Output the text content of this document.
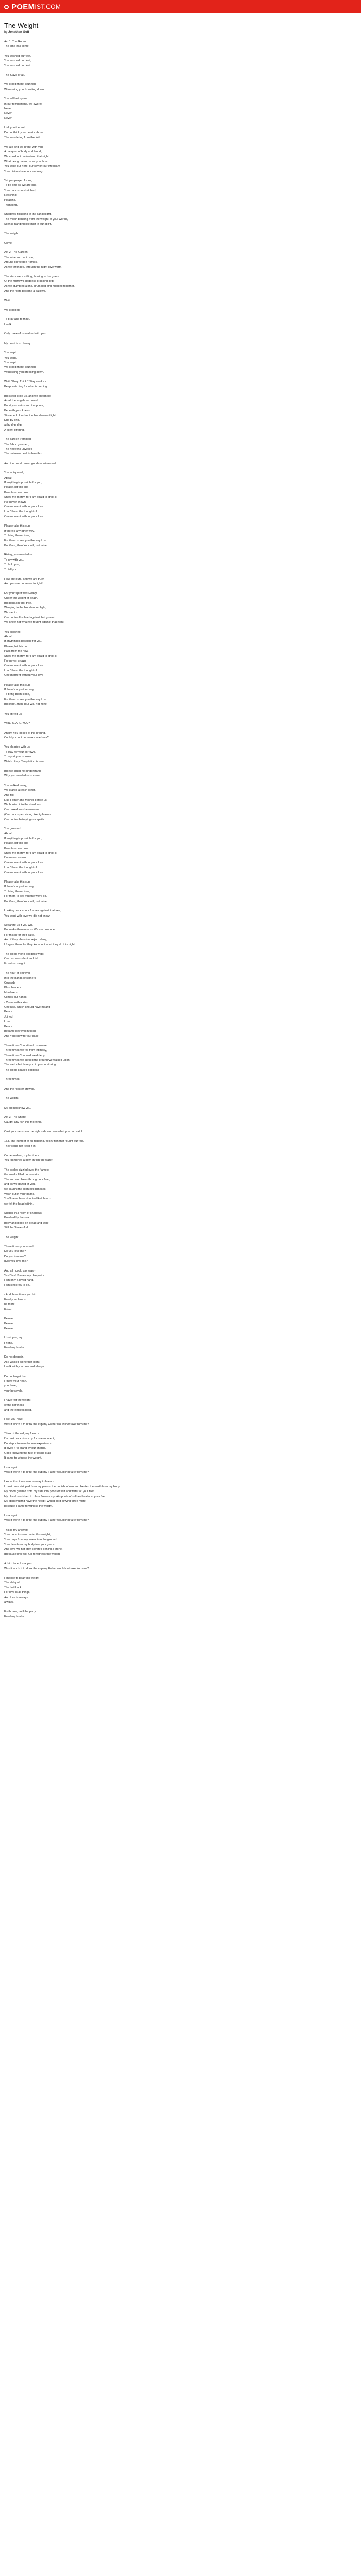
POEM IST.COM
The Weight
by Jonathan Goff

Act 1: The Room

The time has come

You washed our feet,

You washed our feet,

You washed our feet.

The Slave of all.

We stood there, stunned,

Witnessing your kneeling down.

You will betray me.

In our temptations, we swore:

Never!

Never!!

Never!

I tell you the truth.

Do not think your hearts above

The wandering from the fold.

We ate and we drank with you,

A banquet of body and blood,

We could not understand that night.

What being meant, or why, or how.

You were our hero; our savior; our Messiah!

Your divinest was our undoing.

Yet you prayed for us,

To be one as We are one.

Your hands outstretched,

Reaching,

Pleading,

Trembling.

Shadows flickering in the candlelight,

The moon bending from the weight of your words,

Silence hanging like mist in our spirit.

The weight.

Come.

Act 2: The Garden

The wine sorrow in me,

Around our feeble frames.

As we thronged, through the night-love warm.

The stars were milling, bowing to the grass.

Of the morrow's goddess grasping grip,

As we stumbled along, grumbled and huddled together,

And the roots became a gallows.

Wait.

We stopped.

To pray and to think.

I walk.

Only three of us walked with you.

My heart is so heavy.

You wept.

You wept.

You wept.

We stood there, stunned,

Witnessing you breaking down.

Wait. "Pray. Think." Stay awake -

Keep watching for what is coming.

But sleep stole us, and we dreamed:

As all the angels so bound

Burst your veins and the pours,

Beneath your knees

Streamed blood as the blood-sweat light

Drip by drip,

at by drip drip

A silent offering.

The garden trembled

The fabric groaned,

The heavens unveiled

The universe held its breath -

And the blood drown goddess witnessed:

You whispered,

Abba!

If anything is possible for you,

Please, let this cup

Pass from me now.

Show me mercy, for I am afraid to drink it.

I've never known

One moment without your love

I can't bear the thought of

One moment without your love

Please take this cup

If there's any other way.

To bring them close,

For them to see you the way I do.

But if not, then Your will, not mine.

Rising, you needed us

To cry with you,

To hold you,

To tell you...

How are ours, and we are truer.

And you are not alone tonight!

For your spirit was Heavy,

Under the weight of death.

But beneath that tree,

Weeping in the blood-moon light,

We slept -

Our bodies like lead against that ground

We knew not what we fought against that night.

You groaned,

Abba!

If anything is possible for you,

Please, let this cup

Pass from me now.

Show me mercy, for I am afraid to drink it.

I've never known

One moment without your love

I can't bear the thought of

One moment without your love

Please take this cup

If there's any other way.

To bring them close,

For them to see you the way I do.

But if not, then Your will, not mine.

You stirred us -

WHERE ARE YOU?

Angry. You looked at the ground,

Could you not be awake one hour?

You pleaded with us:

To stay for your sorrows,

To cry at your sorrow,

Watch. Pray. Temptation is near.

But we could not understand

Why you needed us so now.

You walked away,

We stared at each other.

And fell.

Like Father and Mother before us,

We hurried into the shadows,

Our nakedness between us.

(Our hands perceiving like fig leaves.

Our bodies betraying our spirits.

You groaned,

Abba!

If anything is possible for you,

Please, let this cup

Pass from me now.

Show me mercy, for I am afraid to drink it.

I've never known

One moment without your love

I can't bear the thought of

One moment without your love

Please take this cup

If there's any other way.

To bring them close,

For them to see you the way I do.

But if not, then Your will, not mine.

Looking back at our frames against that tree,

You wept with love we did not know.

Separate us if you will.

But make them one as We are now one

For this is for their sake.

And if they abandon, reject, deny,

I forgive them, for they know not what they do this night.

The blood mono goddess wept.

Our rest was silent and full

It cost us tonight.

The hour of betrayal

Into the hands of sinners

Cowards

Blasphemers

Murderers

Climbs our hands

- Come with a kiss

One kiss, which should have meant

Peace

Joined

Love

Peace

Became betrayal in flesh -

And You knew for our sake.

Three times You stirred us awake;

Three times we fell from intimacy,

Three times You said we'd deny,

Three times we cursed the ground we walked upon-

The earth that bore you in your nurturing.

The blood-soaked goddess

Three times.

And the rooster crowed.

The weight.

My did not know you.

Act 3: The Shore

Caught any fish this morning?

Cast your nets over the right side and see what you can catch.

153. The number of fin-flapping, fleshy fish that fought our fee.

They could not keep it in.

Come and eat, my brothers.

You fashioned a bowl in fish the water.

The scales sizzled over the flames;

the smells filled our nostrils.

The sun and bless through our fear,

and as we gazed at you,

we caught the slightest glimpses -

Wash out in your palms.

You'll neter have doubted Ruthless -

we felt the head within.

Supper in a room of shadows.

Brushed by the sea.

Body and blood on bread and wine

Still the Slave of all.

The weight.

Three times you asked:

Do you love me?

Do you love me?

(Do) you love me?

And all I could say was -

Yes! Yes! You are my deepest -

I am only a loved hand.

I am sincerely to be...

- And three times you bid:

Feed your lambs

no more:

Friend

Beloved.

Beloved.

Beloved.

I trust you, my

Friend.

Feed my lambs.

Do not despair,

As I walked alone that night,

I walk with you now and always.

Do not forget that

I know your heart,

your love,

your betrayals.

I have felt the weight

of the darkness

and the endless road.

I ask you now:

Was it worth it to drink the cup my Father would not take from me?

Think of the roll, my friend -

I'm past back doors by for one moment,

Do step into mine for one experience.

It gives it to grand by our chorus,

Good knowing the rule of losing it all,

It came to witness the weight.

I ask again:

Was it worth it to drink the cup my Father would not take from me?

I know that there was no way to learn -

I must have stripped from my person the punish of rain and beaten the earth from my body.

My blood gushed from my side into pools of salt and water at your feet.

My blood nourished to bless flowers my skin pools of salt and water at your feet.

My spirit mustn't have the need; I would do it sewing three more -

because I came to witness the weight.

I ask again:

Was it worth it to drink the cup my Father would not take from me?

This is my answer:

Your burst to stew under this weight,

Your days from my sweat into the ground

Your face from my body into your grace.

And love will not stay covered behind a stone.

(Because love will run to witness the weight.

A third time, I ask you:

Was it worth it to drink the cup my Father would not take from me?

I choose to bear this weight -

The ebb/pull

The holdback

For love is all things,

And love is always,

always.

Forth now, until the party:

Feed my lambs.
